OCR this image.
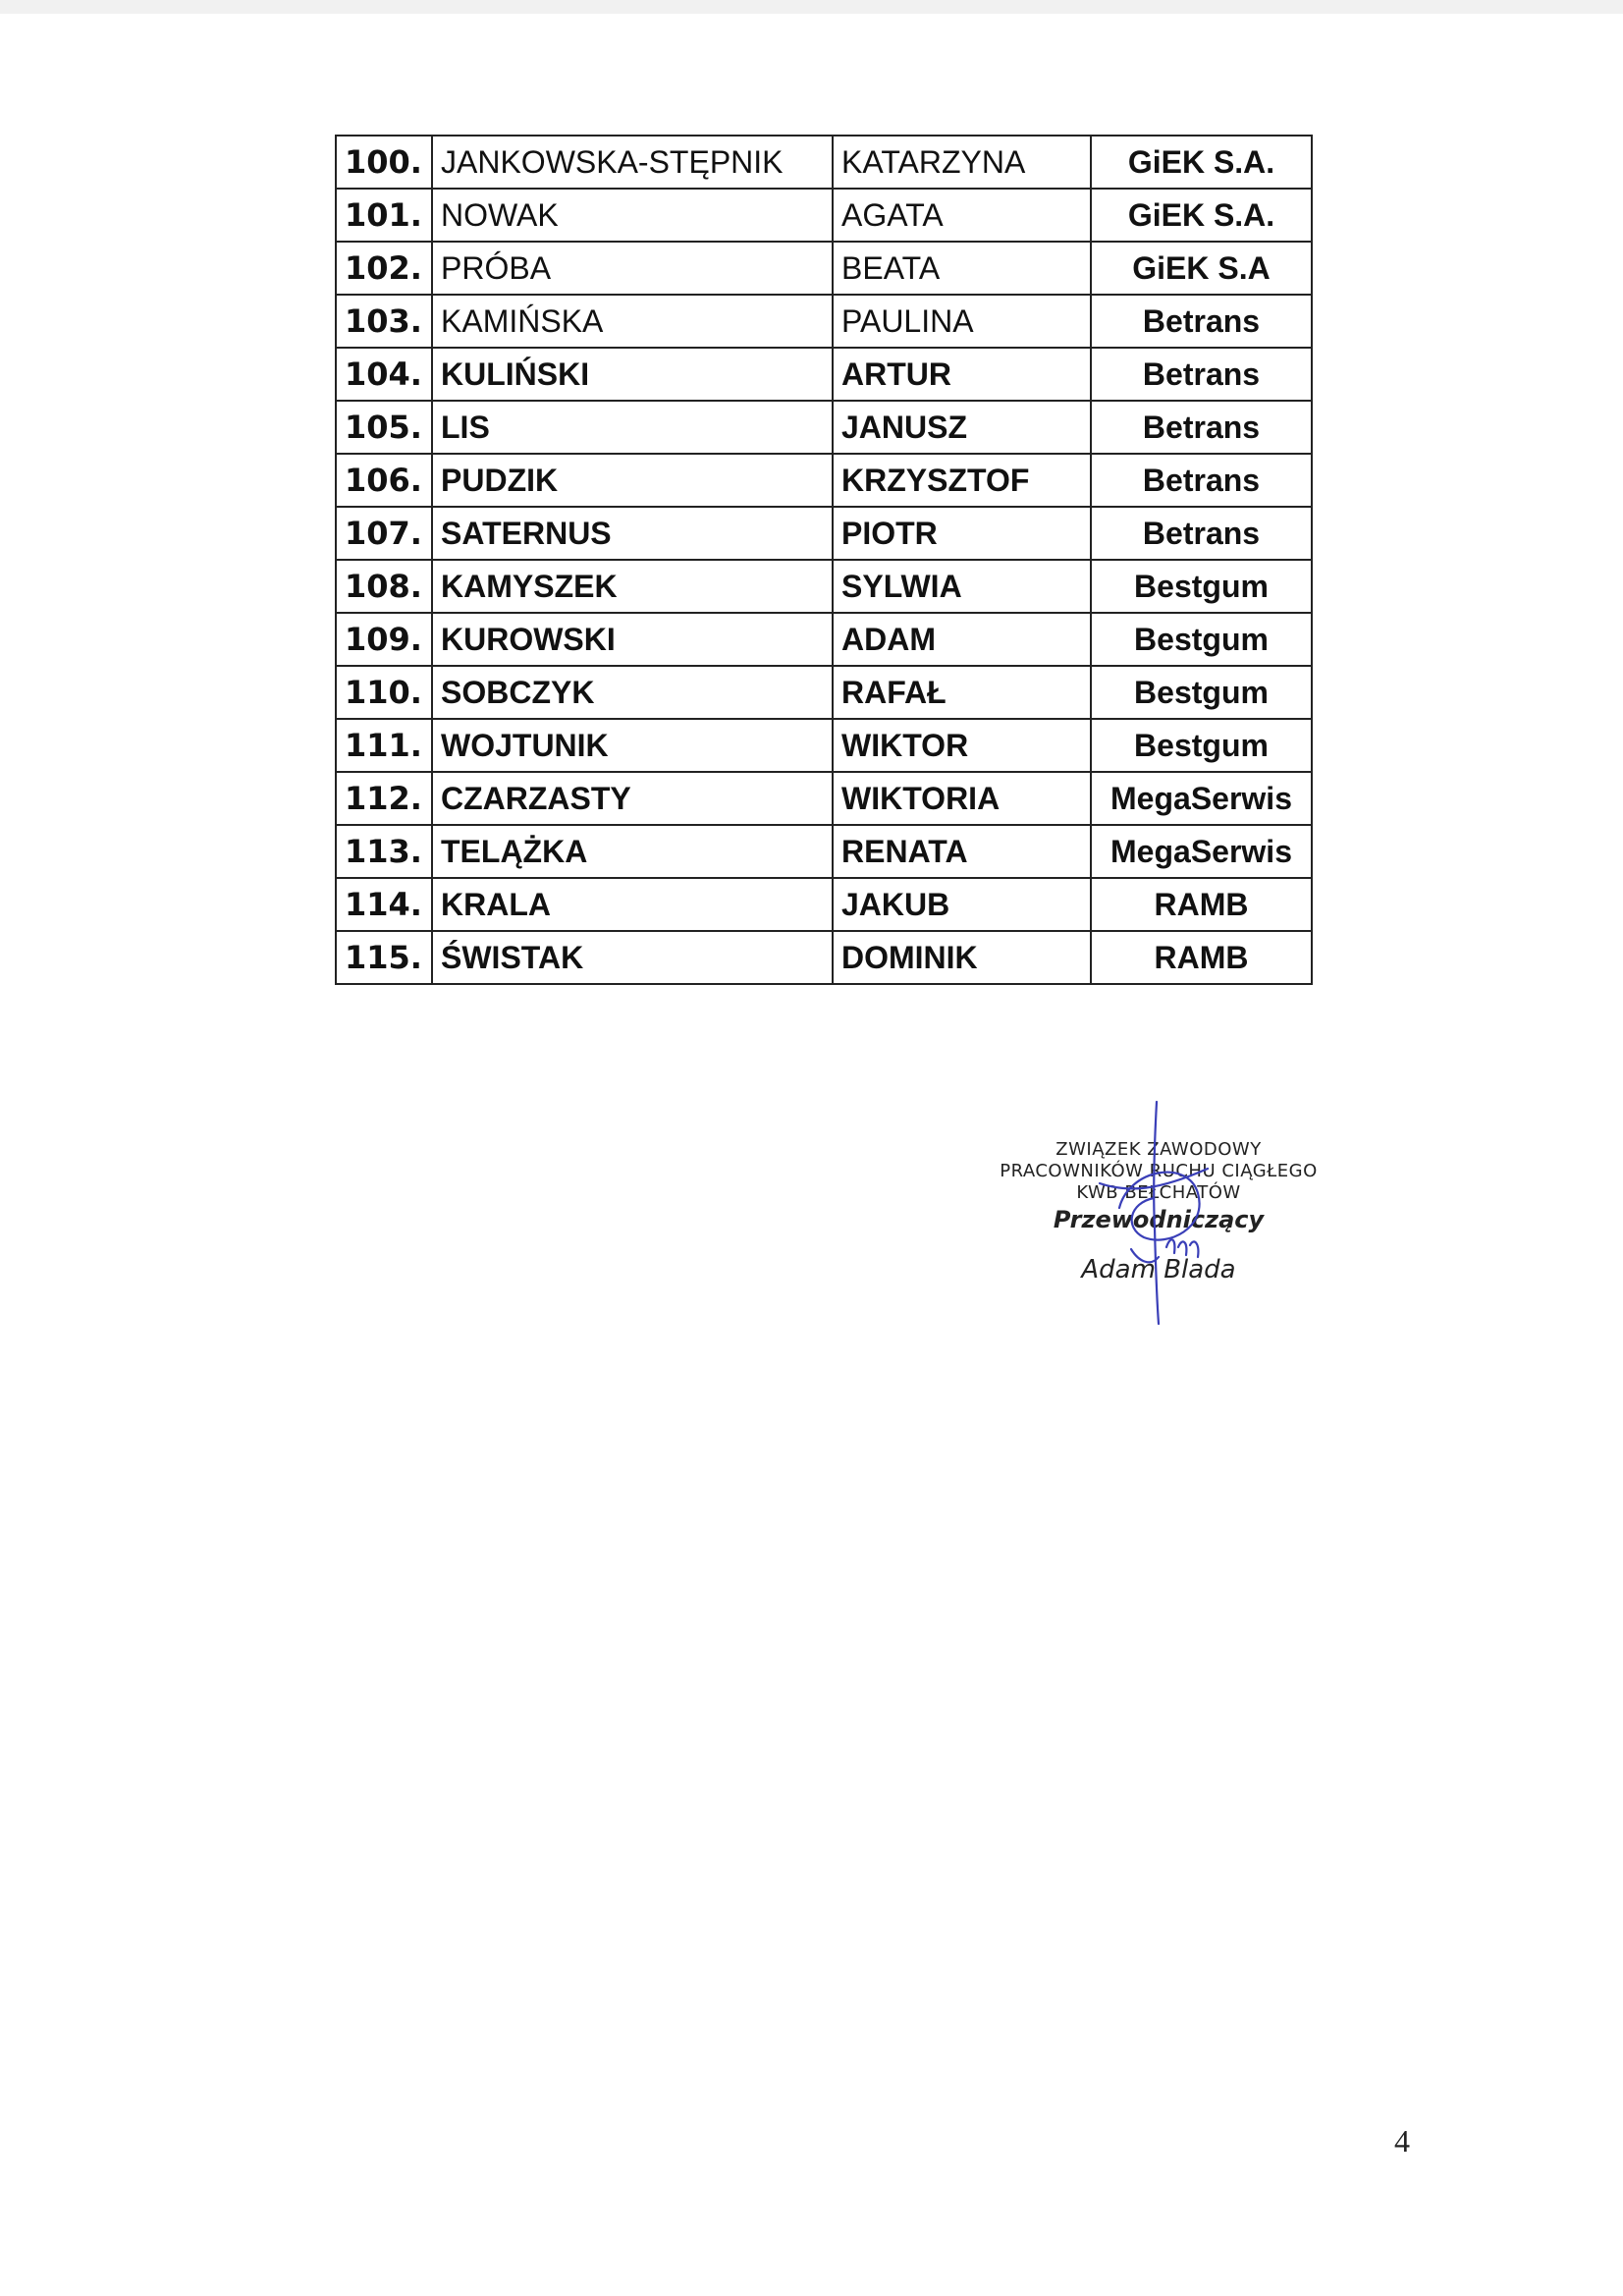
100.	JANKOWSKA-STĘPNIK	KATARZYNA	GiEK S.A.
101.	NOWAK	AGATA	GiEK S.A.
102.	PRÓBA	BEATA	GiEK S.A
103.	KAMIŃSKA	PAULINA	Betrans
104.	KULIŃSKI	ARTUR	Betrans
105.	LIS	JANUSZ	Betrans
106.	PUDZIK	KRZYSZTOF	Betrans
107.	SATERNUS	PIOTR	Betrans
108.	KAMYSZEK	SYLWIA	Bestgum
109.	KUROWSKI	ADAM	Bestgum
110.	SOBCZYK	RAFAŁ	Bestgum
111.	WOJTUNIK	WIKTOR	Bestgum
112.	CZARZASTY	WIKTORIA	MegaSerwis
113.	TELĄŻKA	RENATA	MegaSerwis
114.	KRALA	JAKUB	RAMB
115.	ŚWISTAK	DOMINIK	RAMB
ZWIĄZEK ZAWODOWY
PRACOWNIKÓW RUCHU CIĄGŁEGO
KWB BEŁCHATÓW
Przewodniczący
Adam Blada
4
